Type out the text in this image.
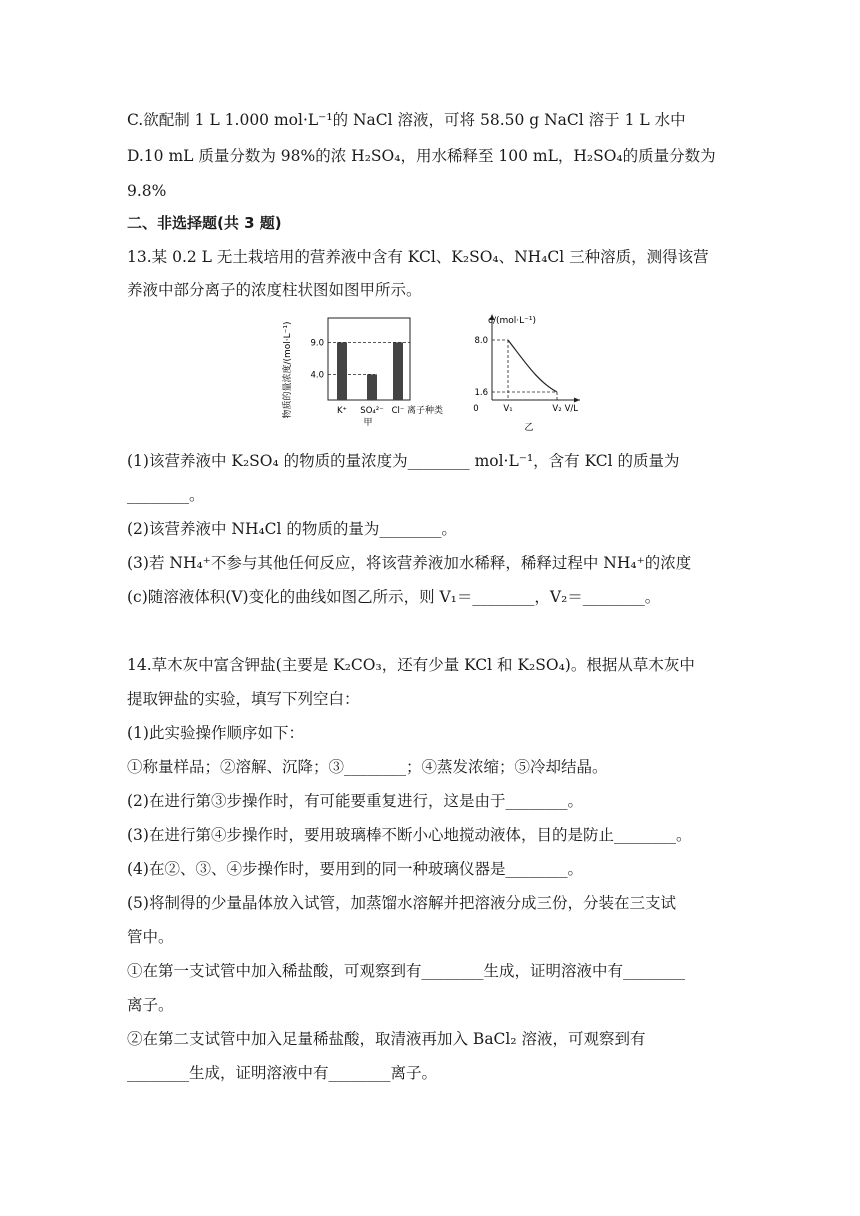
C.欲配制 1 L 1.000 mol·L⁻¹的 NaCl 溶液，可将 58.50 g NaCl 溶于 1 L 水中
D.10 mL 质量分数为 98%的浓 H₂SO₄，用水稀释至 100 mL，H₂SO₄的质量分数为
9.8%
二、非选择题(共 3 题)
13.某 0.2 L 无土栽培用的营养液中含有 KCl、K₂SO₄、NH₄Cl 三种溶质，测得该营
养液中部分离子的浓度柱状图如图甲所示。
物质的量浓度/(mol·L⁻¹) 4.0
9.0
K⁺ SO₄²⁻ Cl⁻ 离子种类
甲
c/(mol·L⁻¹)
8.0
1.6
0	V₁	V₂ V/L
乙
(1)该营养液中 K₂SO₄ 的物质的量浓度为________ mol·L⁻¹，含有 KCl 的质量为
________。
(2)该营养液中 NH₄Cl 的物质的量为________。
(3)若 NH₄⁺不参与其他任何反应，将该营养液加水稀释，稀释过程中 NH₄⁺的浓度
(c)随溶液体积(V)变化的曲线如图乙所示，则 V₁＝________，V₂＝________。
14.草木灰中富含钾盐(主要是 K₂CO₃，还有少量 KCl 和 K₂SO₄)。根据从草木灰中
提取钾盐的实验，填写下列空白：
(1)此实验操作顺序如下：
①称量样品；②溶解、沉降；③________；④蒸发浓缩；⑤冷却结晶。
(2)在进行第③步操作时，有可能要重复进行，这是由于________。
(3)在进行第④步操作时，要用玻璃棒不断小心地搅动液体，目的是防止________。
(4)在②、③、④步操作时，要用到的同一种玻璃仪器是________。
(5)将制得的少量晶体放入试管，加蒸馏水溶解并把溶液分成三份，分装在三支试
管中。
①在第一支试管中加入稀盐酸，可观察到有________生成，证明溶液中有________
离子。
②在第二支试管中加入足量稀盐酸，取清液再加入 BaCl₂ 溶液，可观察到有
________生成，证明溶液中有________离子。
